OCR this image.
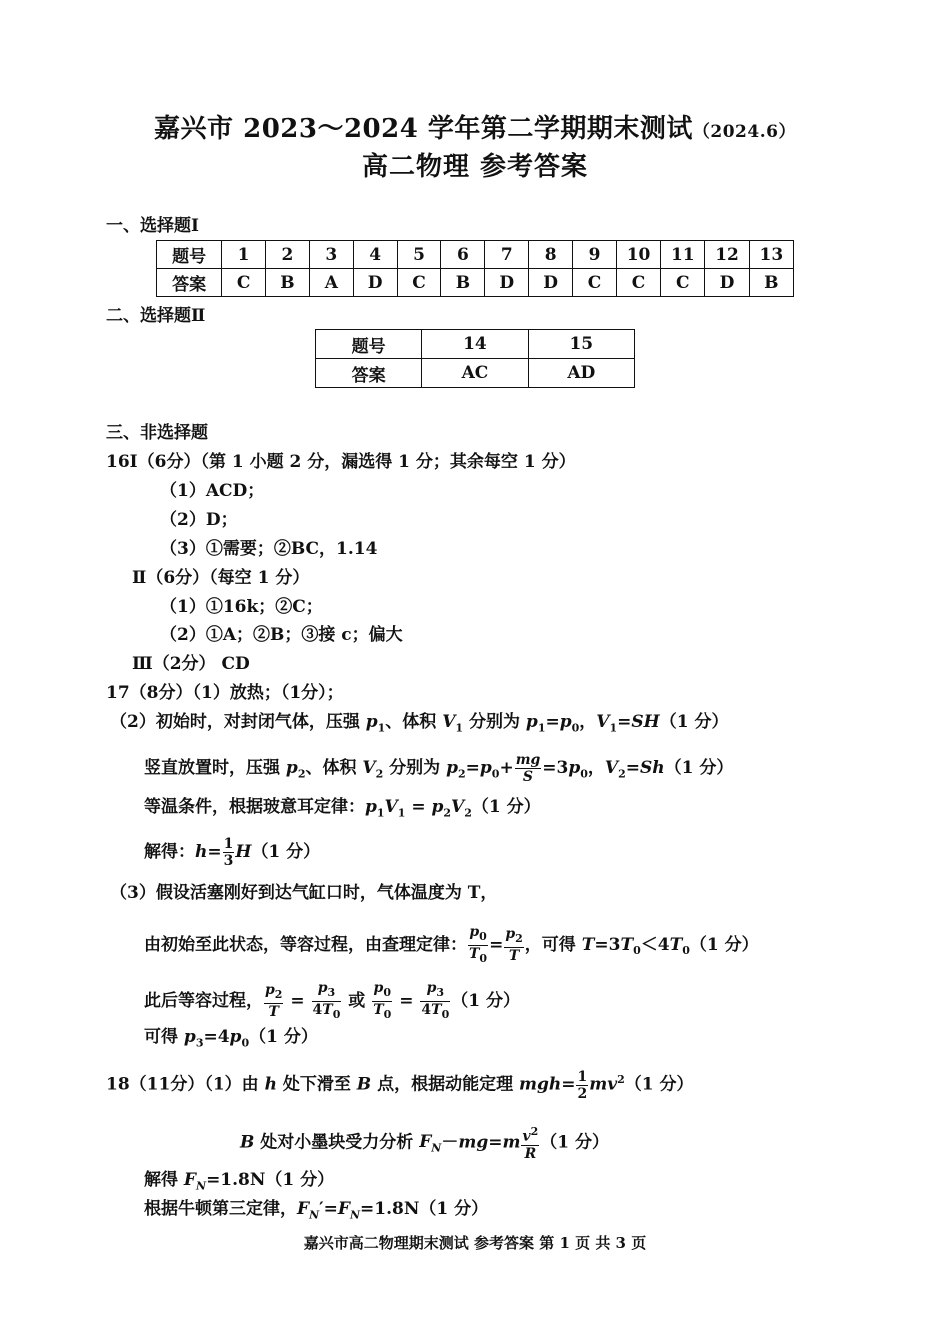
嘉兴市 2023～2024 学年第二学期期末测试（2024.6）
高二物理 参考答案
一、选择题Ⅰ
题号	1	2	3	4	5	6	7	8	9	10	11	12	13
答案	C	B	A	D	C	B	D	D	C	C	C	D	B
二、选择题Ⅱ
题号	14	15
答案	AC	AD
三、非选择题
16Ⅰ（6分）（第 1 小题 2 分，漏选得 1 分；其余每空 1 分）
（1）ACD；
（2）D；
（3）①需要；②BC，1.14
Ⅱ（6分）（每空 1 分）
（1）①16k；②C；
（2）①A；②B；③接 c；偏大
Ⅲ（2分） CD
17（8分）（1）放热；（1分）；
（2）初始时，对封闭气体，压强 $p_1$、体积 $V_1$ 分别为 $p_1=p_0$，$V_1=SH(1$ 分）
竖直放置时，压强 $p_2$、体积 $V_2$ 分别为 $p_2=p_0+ \frac{mg}{S} =3p_0$，$V_2=Sh(1$ 分）
等温条件，根据玻意耳定律：$p_1V_1 = p_2V_2(1$ 分）
解得：$h= \frac{1}{3} H(1$ 分）
（3）假设活塞刚好到达气缸口时，气体温度为 T，
由初始至此状态，等容过程，由查理定律： $\frac{p_0}{T_0} = \frac{p_2}{T}$ ，可得 $T=3T_0<4T_0(1$ 分）
此后等容过程， $\frac{p_2}{T} = \frac{p_3}{4T_0}$ 或 $\frac{p_0}{T_0} = \frac{p_3}{4T_0} (1$ 分）
可得 $p_3=4p_0(1$ 分）
18（11分）（1）由 h 处下滑至 B 点，根据动能定理 $mgh= \frac{1}{2} mv^2(1$ 分）
B 处对小墨块受力分析 $F_N-mg=m \frac{v^2}{R} (1$ 分）
解得 $F_N=1.8N(1$ 分）
根据牛顿第三定律，$F_N'=F_N=1.8N(1$ 分）
嘉兴市高二物理期末测试 参考答案 第 1 页 共 3 页
